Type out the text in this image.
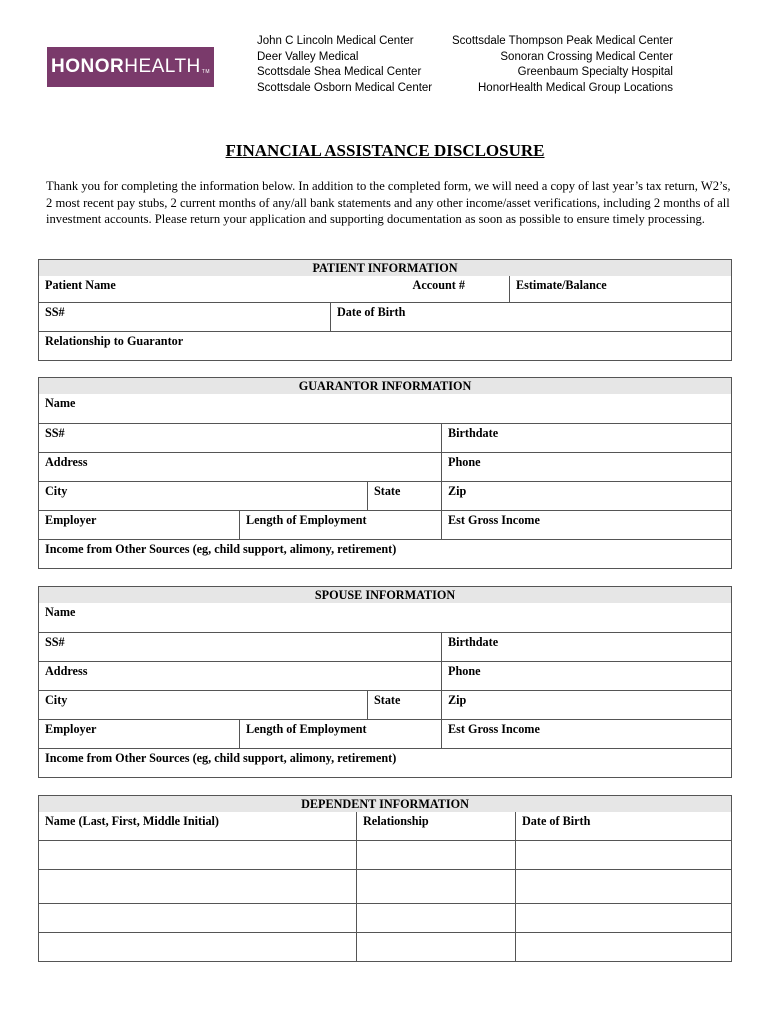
HONOR HEALTH TM
John C Lincoln Medical Center
Deer Valley Medical
Scottsdale Shea Medical Center
Scottsdale Osborn Medical Center
Scottsdale Thompson Peak Medical Center
Sonoran Crossing Medical Center
Greenbaum Specialty Hospital
HonorHealth Medical Group Locations
FINANCIAL ASSISTANCE DISCLOSURE
Thank you for completing the information below. In addition to the completed form, we will need a copy of last year’s tax return, W2’s, 2 most recent pay stubs, 2 current months of any/all bank statements and any other income/asset verifications, including 2 months of all investment accounts. Please return your application and supporting documentation as soon as possible to ensure timely processing.
PATIENT INFORMATION		
Patient Name Account #		Estimate/Balance
SS#	Date of Birth	
Relationship to Guarantor		
GUARANTOR INFORMATION			
Name			
SS#			Birthdate
Address			Phone
City		State	Zip
Employer	Length of Employment		Est Gross Income
Income from Other Sources (eg, child support, alimony, retirement)			
SPOUSE INFORMATION			
Name			
SS#			Birthdate
Address			Phone
City		State	Zip
Employer	Length of Employment		Est Gross Income
Income from Other Sources (eg, child support, alimony, retirement)			
DEPENDENT INFORMATION		
Name (Last, First, Middle Initial)	Relationship	Date of Birth
